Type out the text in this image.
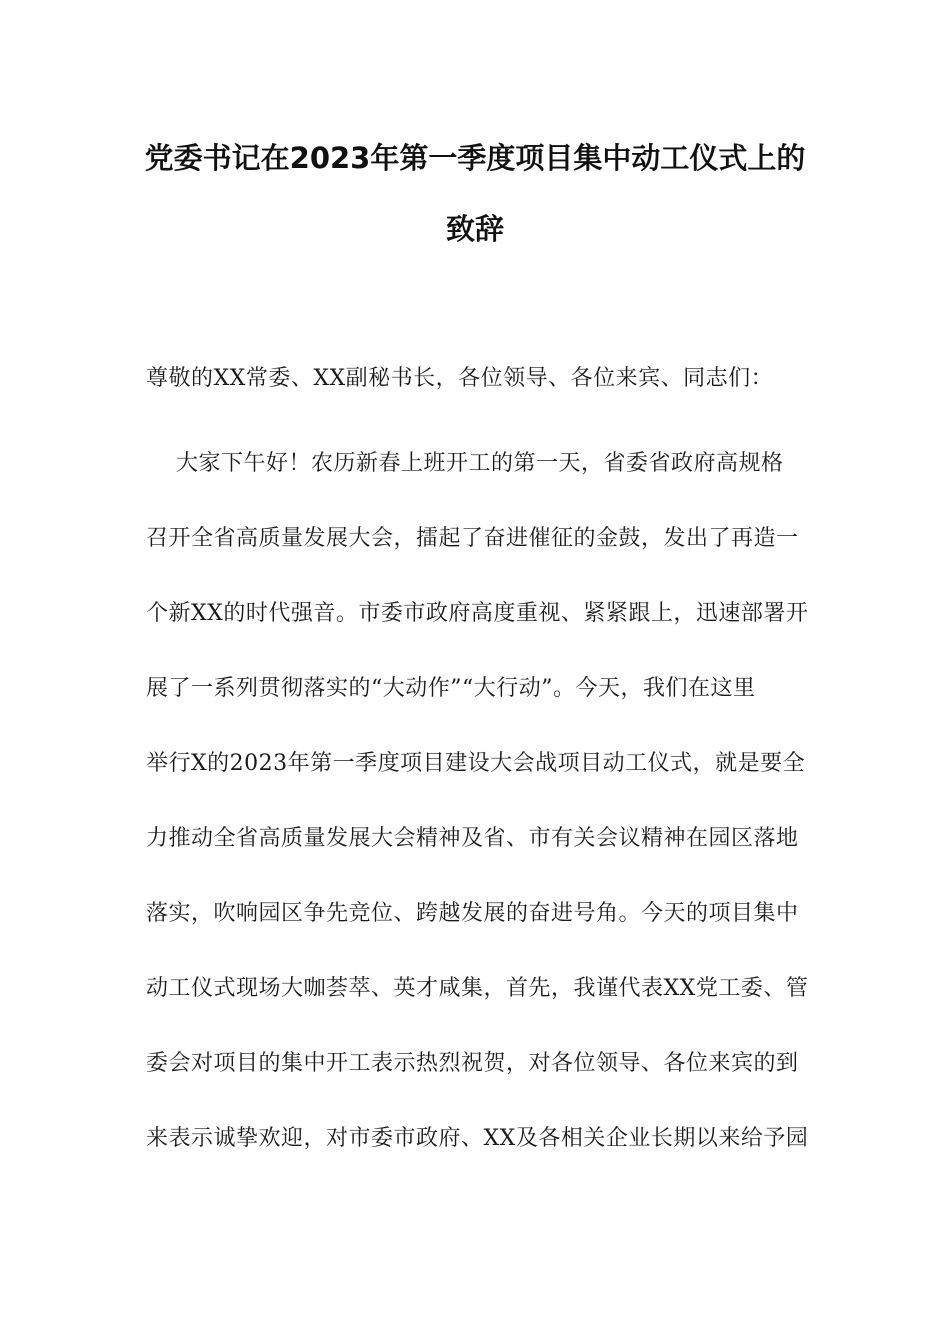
党委书记在2023年第一季度项目集中动工仪式上的
致辞
尊敬的XX常委、XX副秘书长，各位领导、各位来宾、同志们：
大家下午好！农历新春上班开工的第一天，省委省政府高规格
召开全省高质量发展大会，擂起了奋进催征的金鼓，发出了再造一
个新XX的时代强音。市委市政府高度重视、紧紧跟上，迅速部署开
展了一系列贯彻落实的“大动作”“大行动”。今天，我们在这里
举行X的2023年第一季度项目建设大会战项目动工仪式，就是要全
力推动全省高质量发展大会精神及省、市有关会议精神在园区落地
落实，吹响园区争先竞位、跨越发展的奋进号角。今天的项目集中
动工仪式现场大咖荟萃、英才咸集，首先，我谨代表XX党工委、管
委会对项目的集中开工表示热烈祝贺，对各位领导、各位来宾的到
来表示诚挚欢迎，对市委市政府、XX及各相关企业长期以来给予园
